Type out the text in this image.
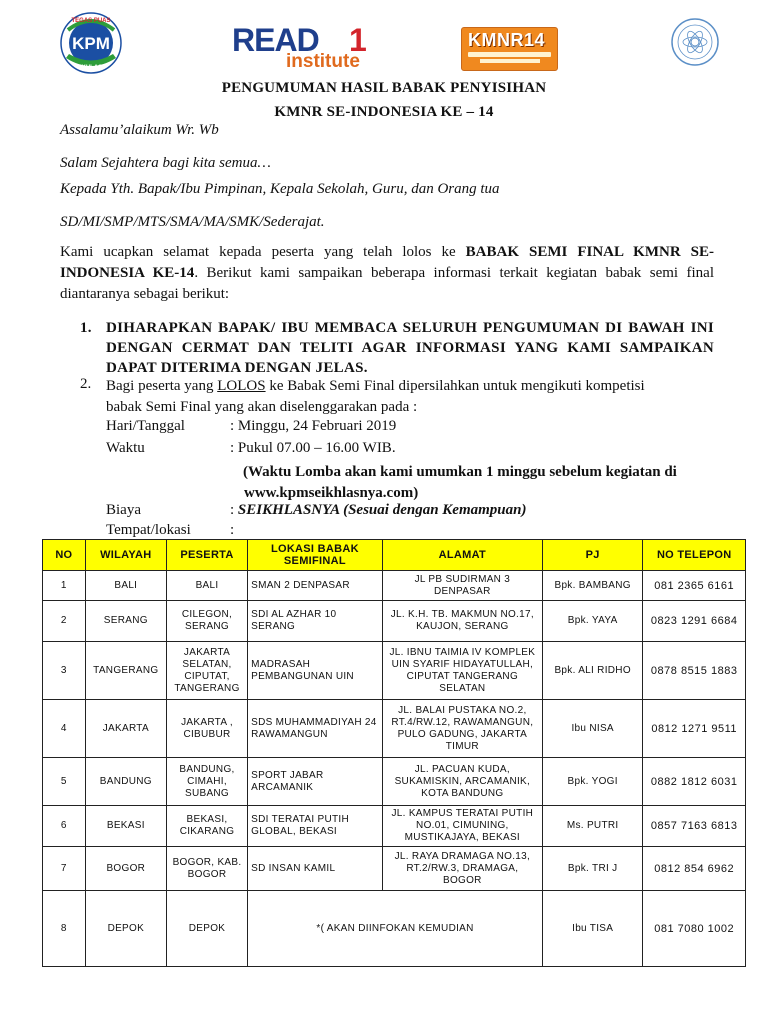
KPM
TEGAS PUAS
IKHLAS
READ 1
institute
KMNR14
PENGUMUMAN HASIL BABAK PENYISIHAN
KMNR SE-INDONESIA KE – 14
Assalamu’alaikum Wr. Wb
Salam Sejahtera bagi kita semua…
Kepada Yth. Bapak/Ibu Pimpinan, Kepala Sekolah, Guru, dan Orang tua
SD/MI/SMP/MTS/SMA/MA/SMK/Sederajat.
Kami ucapkan selamat kepada peserta yang telah lolos ke BABAK SEMI FINAL KMNR SE-INDONESIA KE-14. Berikut kami sampaikan beberapa informasi terkait kegiatan babak semi final diantaranya sebagai berikut:
1. DIHARAPKAN BAPAK/ IBU MEMBACA SELURUH PENGUMUMAN DI BAWAH INI DENGAN CERMAT DAN TELITI AGAR INFORMASI YANG KAMI SAMPAIKAN DAPAT DITERIMA DENGAN JELAS.
2. Bagi peserta yang LOLOS ke Babak Semi Final dipersilahkan untuk mengikuti kompetisi
babak Semi Final yang akan diselenggarakan pada :
Hari/Tanggal	: Minggu, 24 Februari 2019
Waktu	: Pukul 07.00 – 16.00 WIB.
(Waktu Lomba akan kami umumkan 1 minggu sebelum kegiatan di
www.kpmseikhlasnya.com)
Biaya	: SEIKHLASNYA (Sesuai dengan Kemampuan)
Tempat/lokasi	:
NO	WILAYAH	PESERTA	LOKASI BABAK SEMIFINAL	ALAMAT	PJ	NO TELEPON
1	BALI	BALI	SMAN 2 DENPASAR	JL PB SUDIRMAN 3 DENPASAR	Bpk. BAMBANG	081 2365 6161
2	SERANG	CILEGON, SERANG	SDI AL AZHAR 10 SERANG	JL. K.H. TB. MAKMUN NO.17, KAUJON, SERANG	Bpk. YAYA	0823 1291 6684
3	TANGERANG	JAKARTA SELATAN, CIPUTAT, TANGERANG	MADRASAH PEMBANGUNAN UIN	JL. IBNU TAIMIA IV KOMPLEK UIN SYARIF HIDAYATULLAH, CIPUTAT TANGERANG SELATAN	Bpk. ALI RIDHO	0878 8515 1883
4	JAKARTA	JAKARTA , CIBUBUR	SDS MUHAMMADIYAH 24 RAWAMANGUN	JL. BALAI PUSTAKA NO.2, RT.4/RW.12, RAWAMANGUN, PULO GADUNG, JAKARTA TIMUR	Ibu NISA	0812 1271 9511
5	BANDUNG	BANDUNG, CIMAHI, SUBANG	SPORT JABAR ARCAMANIK	JL. PACUAN KUDA, SUKAMISKIN, ARCAMANIK, KOTA BANDUNG	Bpk. YOGI	0882 1812 6031
6	BEKASI	BEKASI, CIKARANG	SDI TERATAI PUTIH GLOBAL, BEKASI	JL. KAMPUS TERATAI PUTIH NO.01, CIMUNING, MUSTIKAJAYA, BEKASI	Ms. PUTRI	0857 7163 6813
7	BOGOR	BOGOR, KAB. BOGOR	SD INSAN KAMIL	JL. RAYA DRAMAGA NO.13, RT.2/RW.3, DRAMAGA, BOGOR	Bpk. TRI J	0812 854 6962
8	DEPOK	DEPOK	*( AKAN DIINFOKAN KEMUDIAN		Ibu TISA	081 7080 1002
